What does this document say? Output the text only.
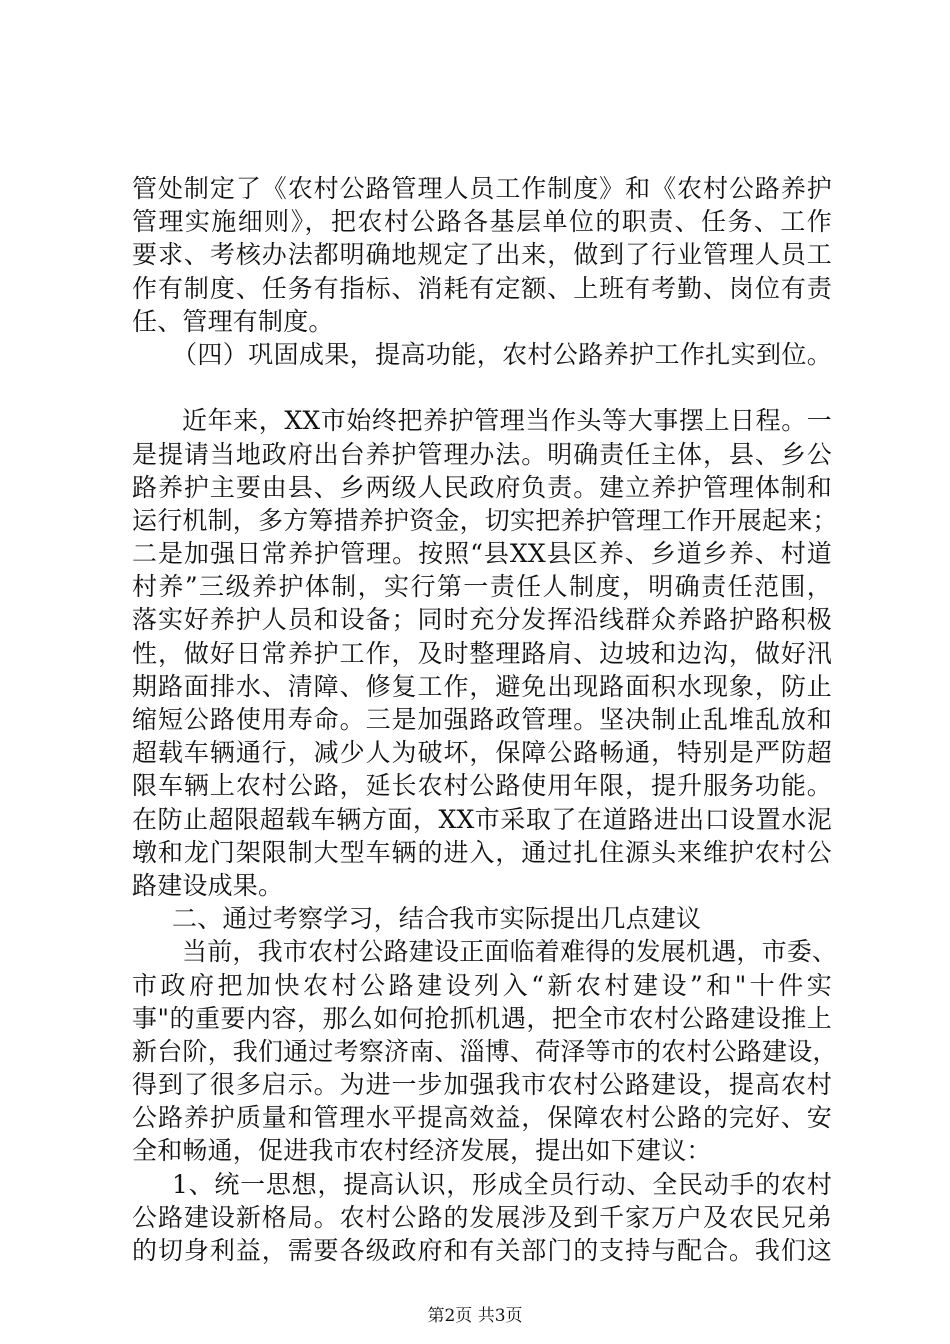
管处制定了《农村公路管理人员工作制度》和《农村公路养护
管理实施细则》，把农村公路各基层单位的职责、任务、工作
要求、考核办法都明确地规定了出来，做到了行业管理人员工
作有制度、任务有指标、消耗有定额、上班有考勤、岗位有责
任、管理有制度。
（四）巩固成果，提高功能，农村公路养护工作扎实到位。
近年来，XX市始终把养护管理当作头等大事摆上日程。一
是提请当地政府出台养护管理办法。明确责任主体，县、乡公
路养护主要由县、乡两级人民政府负责。建立养护管理体制和
运行机制，多方筹措养护资金，切实把养护管理工作开展起来；
二是加强日常养护管理。按照“县XX县区养、乡道乡养、村道
村养”三级养护体制，实行第一责任人制度，明确责任范围，
落实好养护人员和设备；同时充分发挥沿线群众养路护路积极
性，做好日常养护工作，及时整理路肩、边坡和边沟，做好汛
期路面排水、清障、修复工作，避免出现路面积水现象，防止
缩短公路使用寿命。三是加强路政管理。坚决制止乱堆乱放和
超载车辆通行，减少人为破坏，保障公路畅通，特别是严防超
限车辆上农村公路，延长农村公路使用年限，提升服务功能。
在防止超限超载车辆方面，XX市采取了在道路进出口设置水泥
墩和龙门架限制大型车辆的进入，通过扎住源头来维护农村公
路建设成果。
二、通过考察学习，结合我市实际提出几点建议
当前，我市农村公路建设正面临着难得的发展机遇，市委、
市政府把加快农村公路建设列入“新农村建设”和"十件实
事"的重要内容，那么如何抢抓机遇，把全市农村公路建设推上
新台阶，我们通过考察济南、淄博、荷泽等市的农村公路建设，
得到了很多启示。为进一步加强我市农村公路建设，提高农村
公路养护质量和管理水平提高效益，保障农村公路的完好、安
全和畅通，促进我市农村经济发展，提出如下建议：
1、统一思想，提高认识，形成全员行动、全民动手的农村
公路建设新格局。农村公路的发展涉及到千家万户及农民兄弟
的切身利益，需要各级政府和有关部门的支持与配合。我们这
第2页 共3页
